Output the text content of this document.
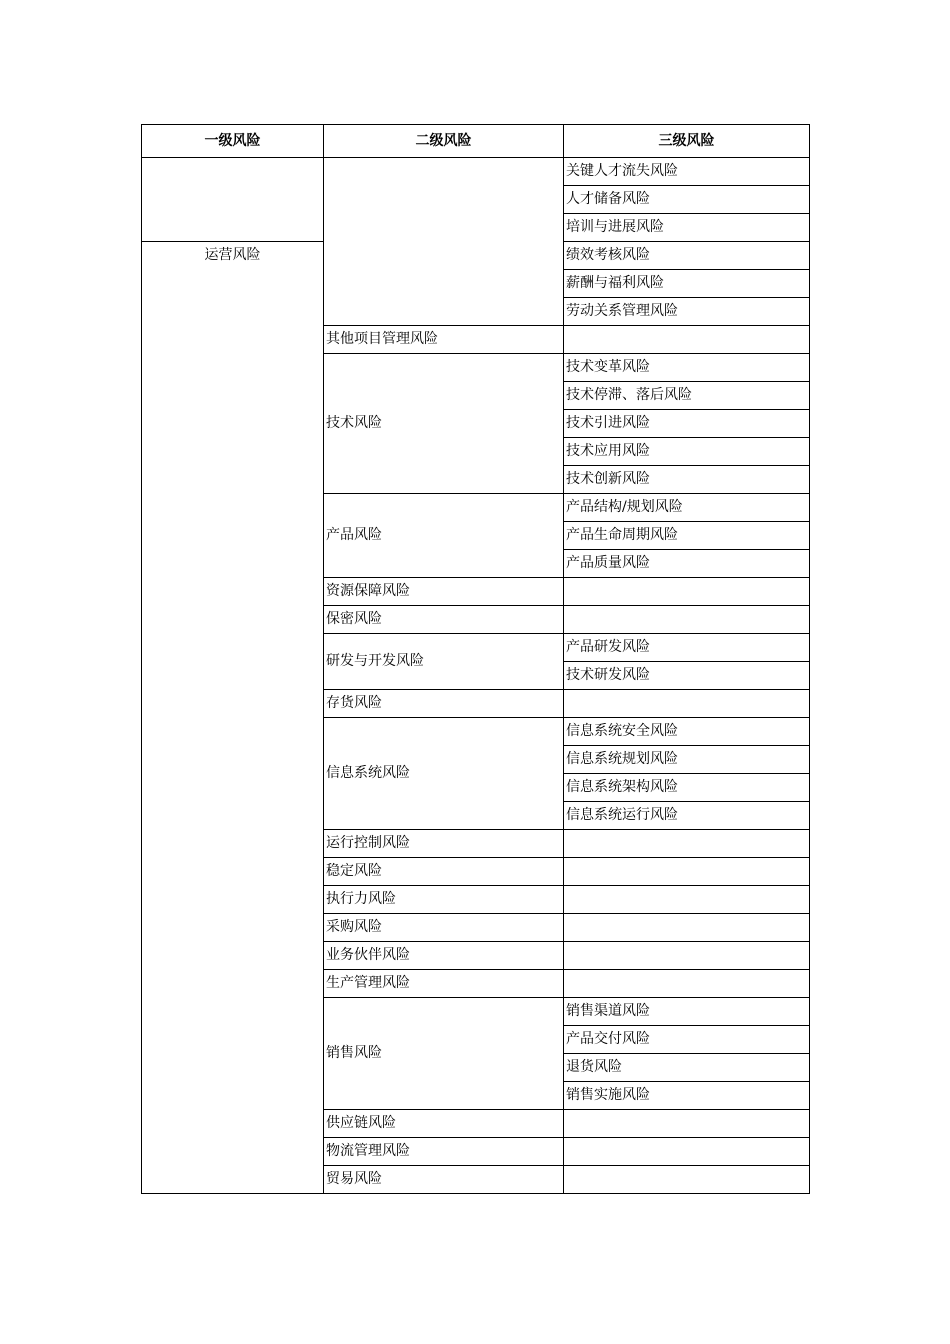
一级风险	二级风险	三级风险
		关键人才流失风险
		人才储备风险
		培训与进展风险
运营风险		绩效考核风险
		薪酬与福利风险
		劳动关系管理风险
	其他项目管理风险	
	技术风险	技术变革风险
		技术停滞、落后风险
		技术引进风险
		技术应用风险
		技术创新风险
	产品风险	产品结构/规划风险
		产品生命周期风险
		产品质量风险
	资源保障风险	
	保密风险	
	研发与开发风险	产品研发风险
		技术研发风险
	存货风险	
	信息系统风险	信息系统安全风险
		信息系统规划风险
		信息系统架构风险
		信息系统运行风险
	运行控制风险	
	稳定风险	
	执行力风险	
	采购风险	
	业务伙伴风险	
	生产管理风险	
	销售风险	销售渠道风险
		产品交付风险
		退货风险
		销售实施风险
	供应链风险	
	物流管理风险	
	贸易风险	
